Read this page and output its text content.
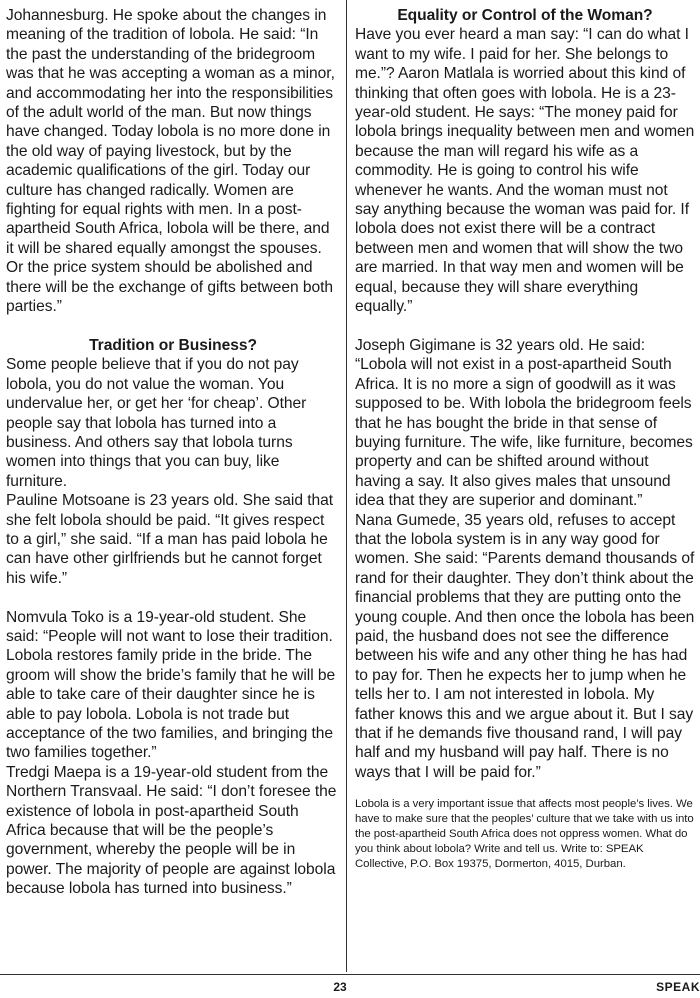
Johannesburg. He spoke about the changes in meaning of the tradition of lobola. He said: “In the past the understanding of the bridegroom was that he was accepting a woman as a minor, and accommodating her into the responsibilities of the adult world of the man. But now things have changed. Today lobola is no more done in the old way of paying livestock, but by the academic qualifications of the girl. Today our culture has changed radically. Women are fighting for equal rights with men. In a post-apartheid South Africa, lobola will be there, and it will be shared equally amongst the spouses. Or the price system should be abolished and there will be the exchange of gifts between both parties.”

Tradition or Business?

Some people believe that if you do not pay lobola, you do not value the woman. You undervalue her, or get her ‘for cheap’. Other people say that lobola has turned into a business. And others say that lobola turns women into things that you can buy, like furniture.

Pauline Motsoane is 23 years old. She said that she felt lobola should be paid. “It gives respect to a girl,” she said. “If a man has paid lobola he can have other girlfriends but he cannot forget his wife.”

Nomvula Toko is a 19-year-old student. She said: “People will not want to lose their tradition. Lobola restores family pride in the bride. The groom will show the bride’s family that he will be able to take care of their daughter since he is able to pay lobola. Lobola is not trade but acceptance of the two families, and bringing the two families together.”

Tredgi Maepa is a 19-year-old student from the Northern Transvaal. He said: “I don’t foresee the existence of lobola in post-apartheid South Africa because that will be the people’s government, whereby the people will be in power. The majority of people are against lobola because lobola has turned into business.”

Equality or Control of the Woman?

Have you ever heard a man say: “I can do what I want to my wife. I paid for her. She belongs to me.”? Aaron Matlala is worried about this kind of thinking that often goes with lobola. He is a 23-year-old student. He says: “The money paid for lobola brings inequality between men and women because the man will regard his wife as a commodity. He is going to control his wife whenever he wants. And the woman must not say anything because the woman was paid for. If lobola does not exist there will be a contract between men and women that will show the two are married. In that way men and women will be equal, because they will share everything equally.”

Joseph Gigimane is 32 years old. He said: “Lobola will not exist in a post-apartheid South Africa. It is no more a sign of goodwill as it was supposed to be. With lobola the bridegroom feels that he has bought the bride in that sense of buying furniture. The wife, like furniture, becomes property and can be shifted around without having a say. It also gives males that unsound idea that they are superior and dominant.”

Nana Gumede, 35 years old, refuses to accept that the lobola system is in any way good for women. She said: “Parents demand thousands of rand for their daughter. They don’t think about the financial problems that they are putting onto the young couple. And then once the lobola has been paid, the husband does not see the difference between his wife and any other thing he has had to pay for. Then he expects her to jump when he tells her to. I am not interested in lobola. My father knows this and we argue about it. But I say that if he demands five thousand rand, I will pay half and my husband will pay half. There is no ways that I will be paid for.”

Lobola is a very important issue that affects most people’s lives. We have to make sure that the peoples’ culture that we take with us into the post-apartheid South Africa does not oppress women. What do you think about lobola? Write and tell us. Write to: SPEAK Collective, P.O. Box 19375, Dormerton, 4015, Durban.

23	SPEAK
